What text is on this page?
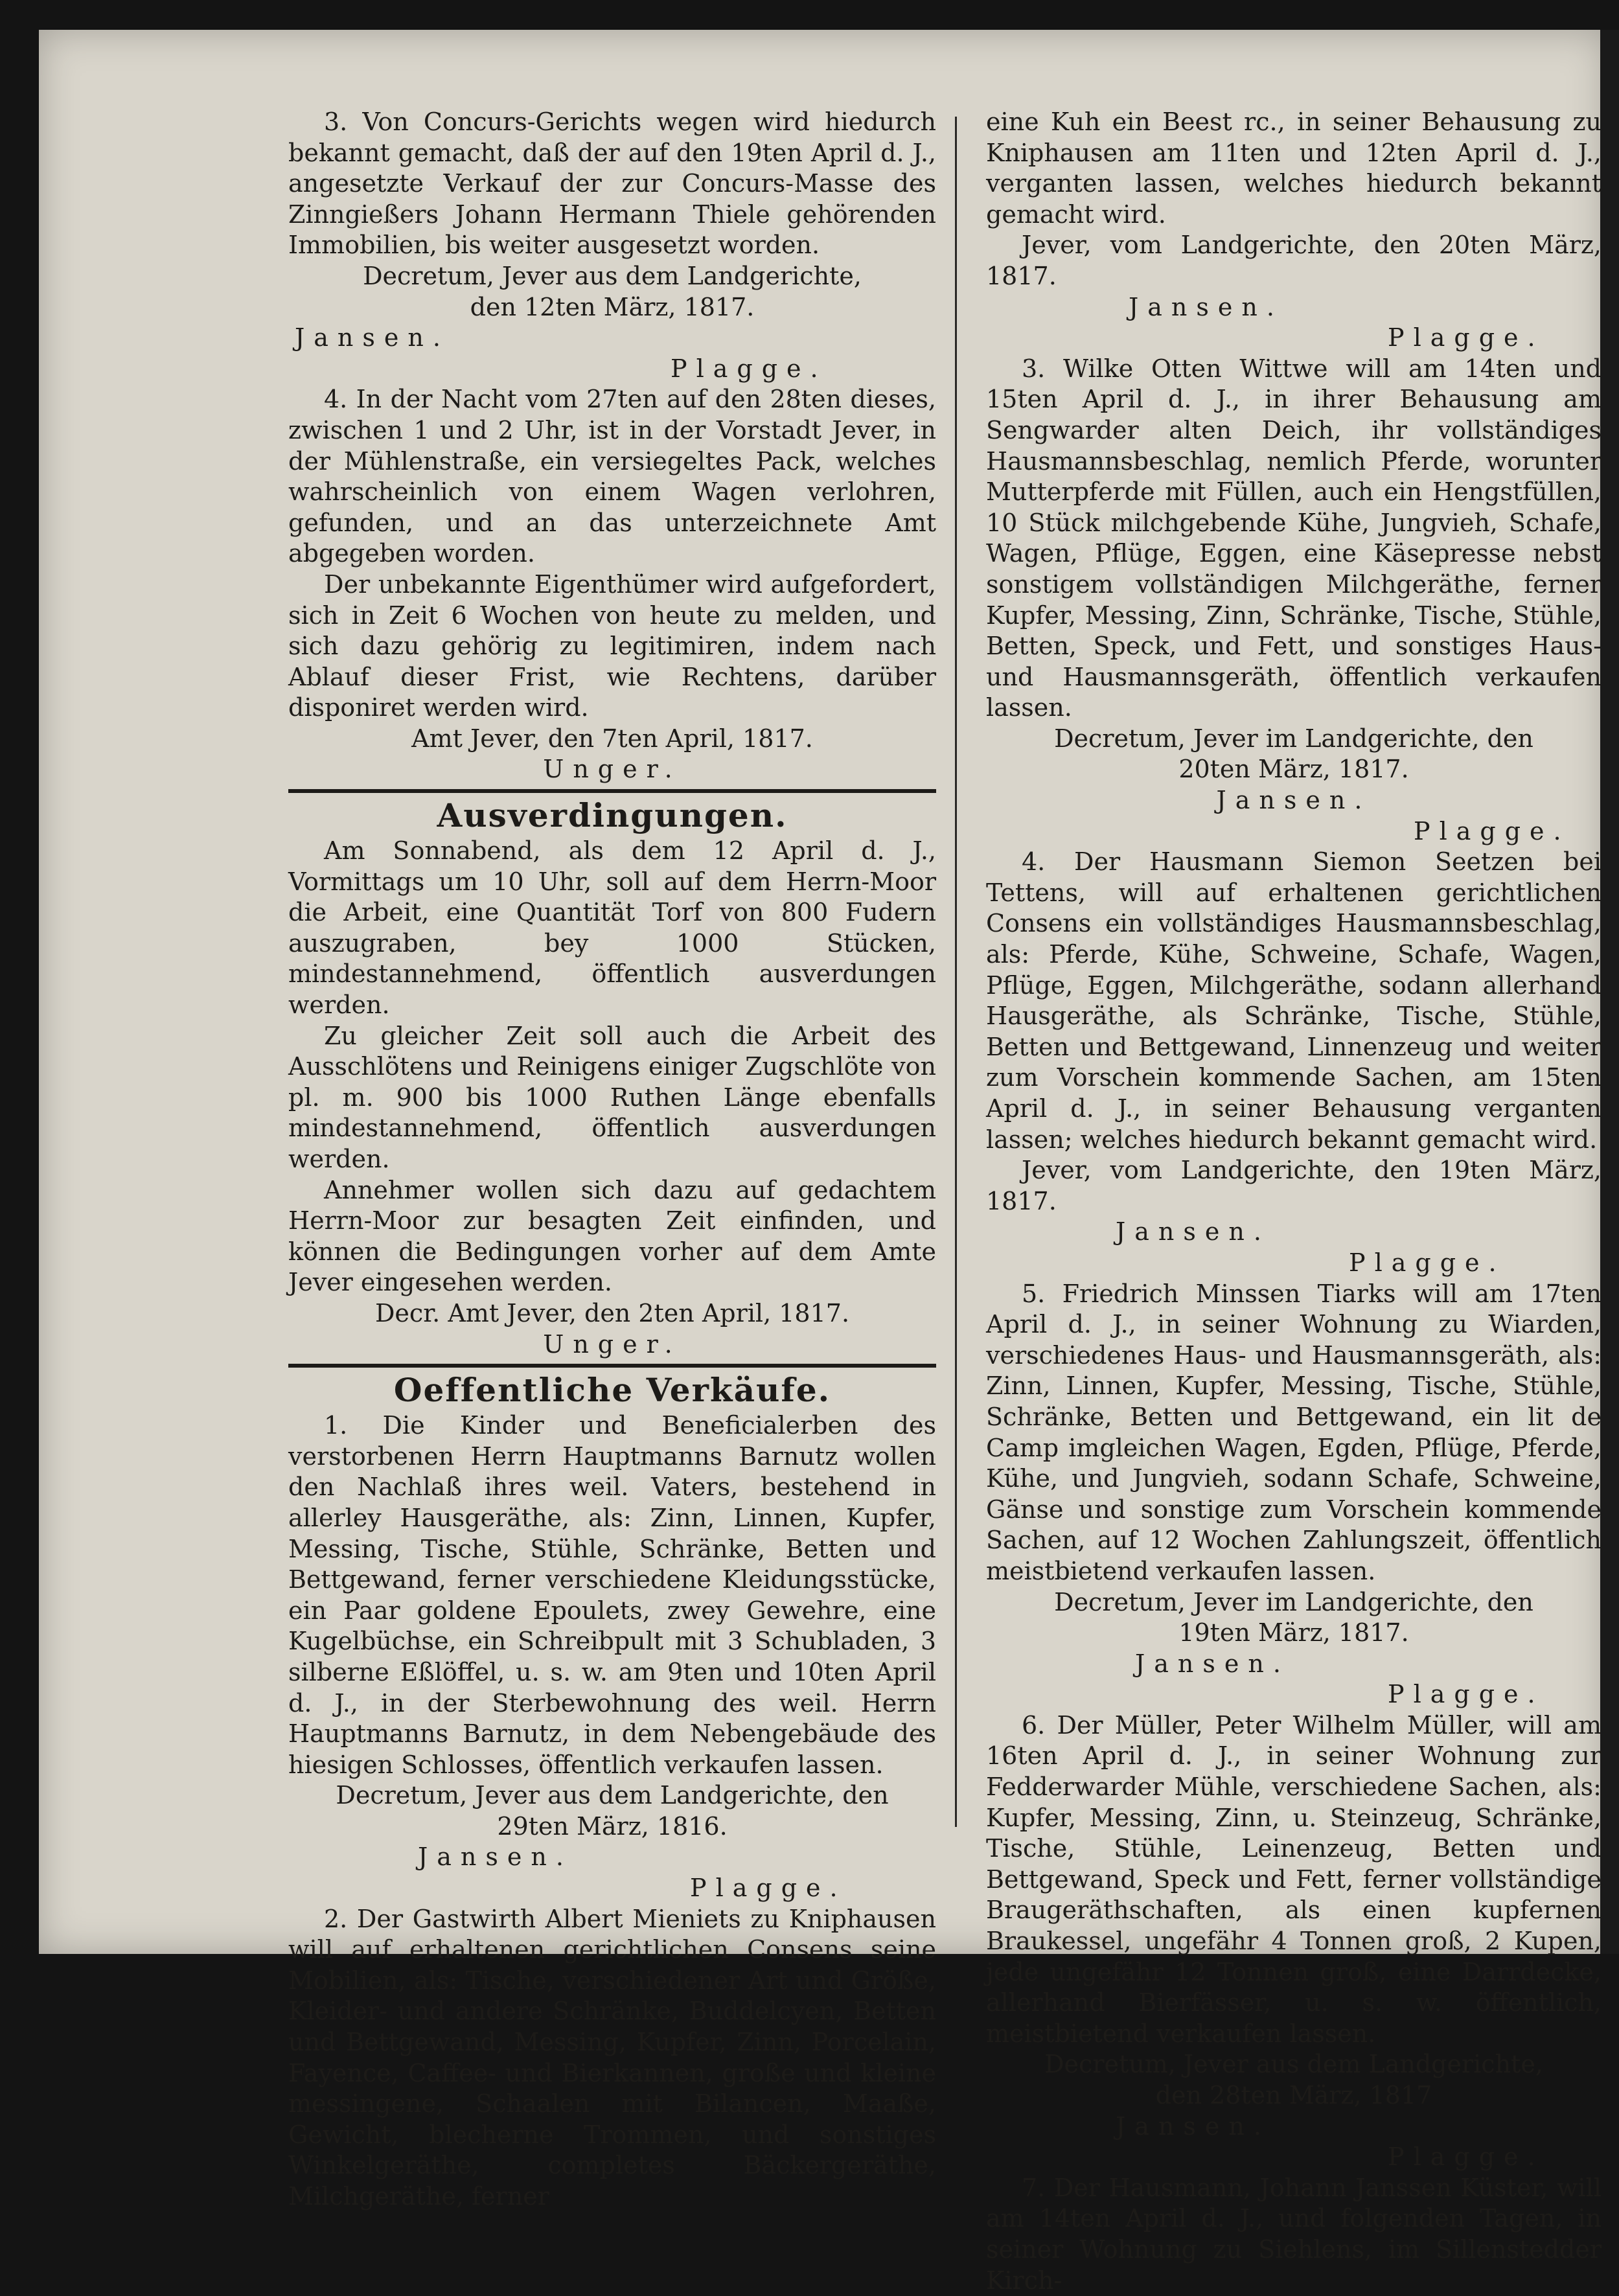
3. Von Concurs-Gerichts wegen wird hiedurch bekannt gemacht, daß der auf den 19ten April d. J., angesetzte Verkauf der zur Concurs-Masse des Zinngießers Johann Hermann Thiele gehörenden Immobilien, bis weiter ausgesetzt worden.

Decretum, Jever aus dem Landgerichte,

den 12ten März, 1817.

Jansen.

Plagge.

4. In der Nacht vom 27ten auf den 28ten dieses, zwischen 1 und 2 Uhr, ist in der Vorstadt Jever, in der Mühlenstraße, ein versiegeltes Pack, welches wahrscheinlich von einem Wagen verlohren, gefunden, und an das unterzeichnete Amt abgegeben worden.

Der unbekannte Eigenthümer wird aufgefordert, sich in Zeit 6 Wochen von heute zu melden, und sich dazu gehörig zu legitimiren, indem nach Ablauf dieser Frist, wie Rechtens, darüber disponiret werden wird.

Amt Jever, den 7ten April, 1817.

Unger.

Ausverdingungen.

Am Sonnabend, als dem 12 April d. J., Vormittags um 10 Uhr, soll auf dem Herrn-Moor die Arbeit, eine Quantität Torf von 800 Fudern auszugraben, bey 1000 Stücken, mindestannehmend, öffentlich ausverdungen werden.

Zu gleicher Zeit soll auch die Arbeit des Ausschlötens und Reinigens einiger Zugschlöte von pl. m. 900 bis 1000 Ruthen Länge ebenfalls mindestannehmend, öffentlich ausverdungen werden.

Annehmer wollen sich dazu auf gedachtem Herrn-Moor zur besagten Zeit einfinden, und können die Bedingungen vorher auf dem Amte Jever eingesehen werden.

Decr. Amt Jever, den 2ten April, 1817.

Unger.

Oeffentliche Verkäufe.

1. Die Kinder und Beneficialerben des verstorbenen Herrn Hauptmanns Barnutz wollen den Nachlaß ihres weil. Vaters, bestehend in allerley Hausgeräthe, als: Zinn, Linnen, Kupfer, Messing, Tische, Stühle, Schränke, Betten und Bettgewand, ferner verschiedene Kleidungsstücke, ein Paar goldene Epoulets, zwey Gewehre, eine Kugelbüchse, ein Schreibpult mit 3 Schubladen, 3 silberne Eßlöffel, u. s. w. am 9ten und 10ten April d. J., in der Sterbewohnung des weil. Herrn Hauptmanns Barnutz, in dem Nebengebäude des hiesigen Schlosses, öffentlich verkaufen lassen.

Decretum, Jever aus dem Landgerichte, den

29ten März, 1816.

Jansen.

Plagge.

2. Der Gastwirth Albert Mieniets zu Kniphausen will auf erhaltenen gerichtlichen Consens seine Mobilien, als: Tische, verschiedener Art und Größe, Kleider- und andere Schränke, Buddelcyen, Betten und Bettgewand, Messing, Kupfer, Zinn, Porcelain, Fayence, Caffee- und Bierkannen, große und kleine messingene, Schaalen mit Bilancen, Maaße, Gewicht, blecherne Trommen, und sonstiges Winkelgeräthe, completes Bäckergeräthe, Milchgeräthe, ferner

eine Kuh ein Beest rc., in seiner Behausung zu Kniphausen am 11ten und 12ten April d. J., verganten lassen, welches hiedurch bekannt gemacht wird.

Jever, vom Landgerichte, den 20ten März, 1817.

Jansen.

Plagge.

3. Wilke Otten Wittwe will am 14ten und 15ten April d. J., in ihrer Behausung am Sengwarder alten Deich, ihr vollständiges Hausmannsbeschlag, nemlich Pferde, worunter Mutterpferde mit Füllen, auch ein Hengstfüllen, 10 Stück milchgebende Kühe, Jungvieh, Schafe, Wagen, Pflüge, Eggen, eine Käsepresse nebst sonstigem vollständigen Milchgeräthe, ferner Kupfer, Messing, Zinn, Schränke, Tische, Stühle, Betten, Speck, und Fett, und sonstiges Haus- und Hausmannsgeräth, öffentlich verkaufen lassen.

Decretum, Jever im Landgerichte, den

20ten März, 1817.

Jansen.

Plagge.

4. Der Hausmann Siemon Seetzen bei Tettens, will auf erhaltenen gerichtlichen Consens ein vollständiges Hausmannsbeschlag, als: Pferde, Kühe, Schweine, Schafe, Wagen, Pflüge, Eggen, Milchgeräthe, sodann allerhand Hausgeräthe, als Schränke, Tische, Stühle, Betten und Bettgewand, Linnenzeug und weiter zum Vorschein kommende Sachen, am 15ten April d. J., in seiner Behausung verganten lassen; welches hiedurch bekannt gemacht wird.

Jever, vom Landgerichte, den 19ten März, 1817.

Jansen.

Plagge.

5. Friedrich Minssen Tiarks will am 17ten April d. J., in seiner Wohnung zu Wiarden, verschiedenes Haus- und Hausmannsgeräth, als: Zinn, Linnen, Kupfer, Messing, Tische, Stühle, Schränke, Betten und Bettgewand, ein lit de Camp imgleichen Wagen, Egden, Pflüge, Pferde, Kühe, und Jungvieh, sodann Schafe, Schweine, Gänse und sonstige zum Vorschein kommende Sachen, auf 12 Wochen Zahlungszeit, öffentlich meistbietend verkaufen lassen.

Decretum, Jever im Landgerichte, den

19ten März, 1817.

Jansen.

Plagge.

6. Der Müller, Peter Wilhelm Müller, will am 16ten April d. J., in seiner Wohnung zur Fedderwarder Mühle, verschiedene Sachen, als: Kupfer, Messing, Zinn, u. Steinzeug, Schränke, Tische, Stühle, Leinenzeug, Betten und Bettgewand, Speck und Fett, ferner vollständige Braugeräthschaften, als einen kupfernen Braukessel, ungefähr 4 Tonnen groß, 2 Kupen, jede ungefähr 12 Tonnen groß, eine Darrdecke, allerhand Bierfässer, u. s. w. öffentlich, meistbietend verkaufen lassen.

Decretum, Jever aus dem Landgerichte,

den 28ten März, 1817

Jansen.

Plagge.

7. Der Hausmann, Johann Janssen Küster, will am 14ten April d. J., und folgenden Tagen, in seiner Wohnung zu Siehlens, im Sillenstedder Kirch-
